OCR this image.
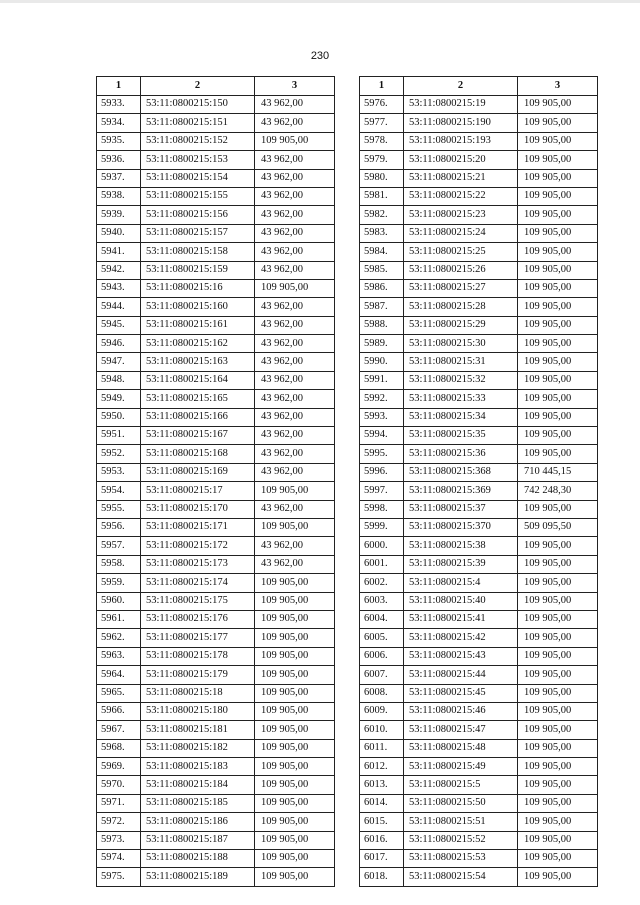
230
1	2	3
5933.	53:11:0800215:150	43 962,00
5934.	53:11:0800215:151	43 962,00
5935.	53:11:0800215:152	109 905,00
5936.	53:11:0800215:153	43 962,00
5937.	53:11:0800215:154	43 962,00
5938.	53:11:0800215:155	43 962,00
5939.	53:11:0800215:156	43 962,00
5940.	53:11:0800215:157	43 962,00
5941.	53:11:0800215:158	43 962,00
5942.	53:11:0800215:159	43 962,00
5943.	53:11:0800215:16	109 905,00
5944.	53:11:0800215:160	43 962,00
5945.	53:11:0800215:161	43 962,00
5946.	53:11:0800215:162	43 962,00
5947.	53:11:0800215:163	43 962,00
5948.	53:11:0800215:164	43 962,00
5949.	53:11:0800215:165	43 962,00
5950.	53:11:0800215:166	43 962,00
5951.	53:11:0800215:167	43 962,00
5952.	53:11:0800215:168	43 962,00
5953.	53:11:0800215:169	43 962,00
5954.	53:11:0800215:17	109 905,00
5955.	53:11:0800215:170	43 962,00
5956.	53:11:0800215:171	109 905,00
5957.	53:11:0800215:172	43 962,00
5958.	53:11:0800215:173	43 962,00
5959.	53:11:0800215:174	109 905,00
5960.	53:11:0800215:175	109 905,00
5961.	53:11:0800215:176	109 905,00
5962.	53:11:0800215:177	109 905,00
5963.	53:11:0800215:178	109 905,00
5964.	53:11:0800215:179	109 905,00
5965.	53:11:0800215:18	109 905,00
5966.	53:11:0800215:180	109 905,00
5967.	53:11:0800215:181	109 905,00
5968.	53:11:0800215:182	109 905,00
5969.	53:11:0800215:183	109 905,00
5970.	53:11:0800215:184	109 905,00
5971.	53:11:0800215:185	109 905,00
5972.	53:11:0800215:186	109 905,00
5973.	53:11:0800215:187	109 905,00
5974.	53:11:0800215:188	109 905,00
5975.	53:11:0800215:189	109 905,00
1	2	3
5976.	53:11:0800215:19	109 905,00
5977.	53:11:0800215:190	109 905,00
5978.	53:11:0800215:193	109 905,00
5979.	53:11:0800215:20	109 905,00
5980.	53:11:0800215:21	109 905,00
5981.	53:11:0800215:22	109 905,00
5982.	53:11:0800215:23	109 905,00
5983.	53:11:0800215:24	109 905,00
5984.	53:11:0800215:25	109 905,00
5985.	53:11:0800215:26	109 905,00
5986.	53:11:0800215:27	109 905,00
5987.	53:11:0800215:28	109 905,00
5988.	53:11:0800215:29	109 905,00
5989.	53:11:0800215:30	109 905,00
5990.	53:11:0800215:31	109 905,00
5991.	53:11:0800215:32	109 905,00
5992.	53:11:0800215:33	109 905,00
5993.	53:11:0800215:34	109 905,00
5994.	53:11:0800215:35	109 905,00
5995.	53:11:0800215:36	109 905,00
5996.	53:11:0800215:368	710 445,15
5997.	53:11:0800215:369	742 248,30
5998.	53:11:0800215:37	109 905,00
5999.	53:11:0800215:370	509 095,50
6000.	53:11:0800215:38	109 905,00
6001.	53:11:0800215:39	109 905,00
6002.	53:11:0800215:4	109 905,00
6003.	53:11:0800215:40	109 905,00
6004.	53:11:0800215:41	109 905,00
6005.	53:11:0800215:42	109 905,00
6006.	53:11:0800215:43	109 905,00
6007.	53:11:0800215:44	109 905,00
6008.	53:11:0800215:45	109 905,00
6009.	53:11:0800215:46	109 905,00
6010.	53:11:0800215:47	109 905,00
6011.	53:11:0800215:48	109 905,00
6012.	53:11:0800215:49	109 905,00
6013.	53:11:0800215:5	109 905,00
6014.	53:11:0800215:50	109 905,00
6015.	53:11:0800215:51	109 905,00
6016.	53:11:0800215:52	109 905,00
6017.	53:11:0800215:53	109 905,00
6018.	53:11:0800215:54	109 905,00
